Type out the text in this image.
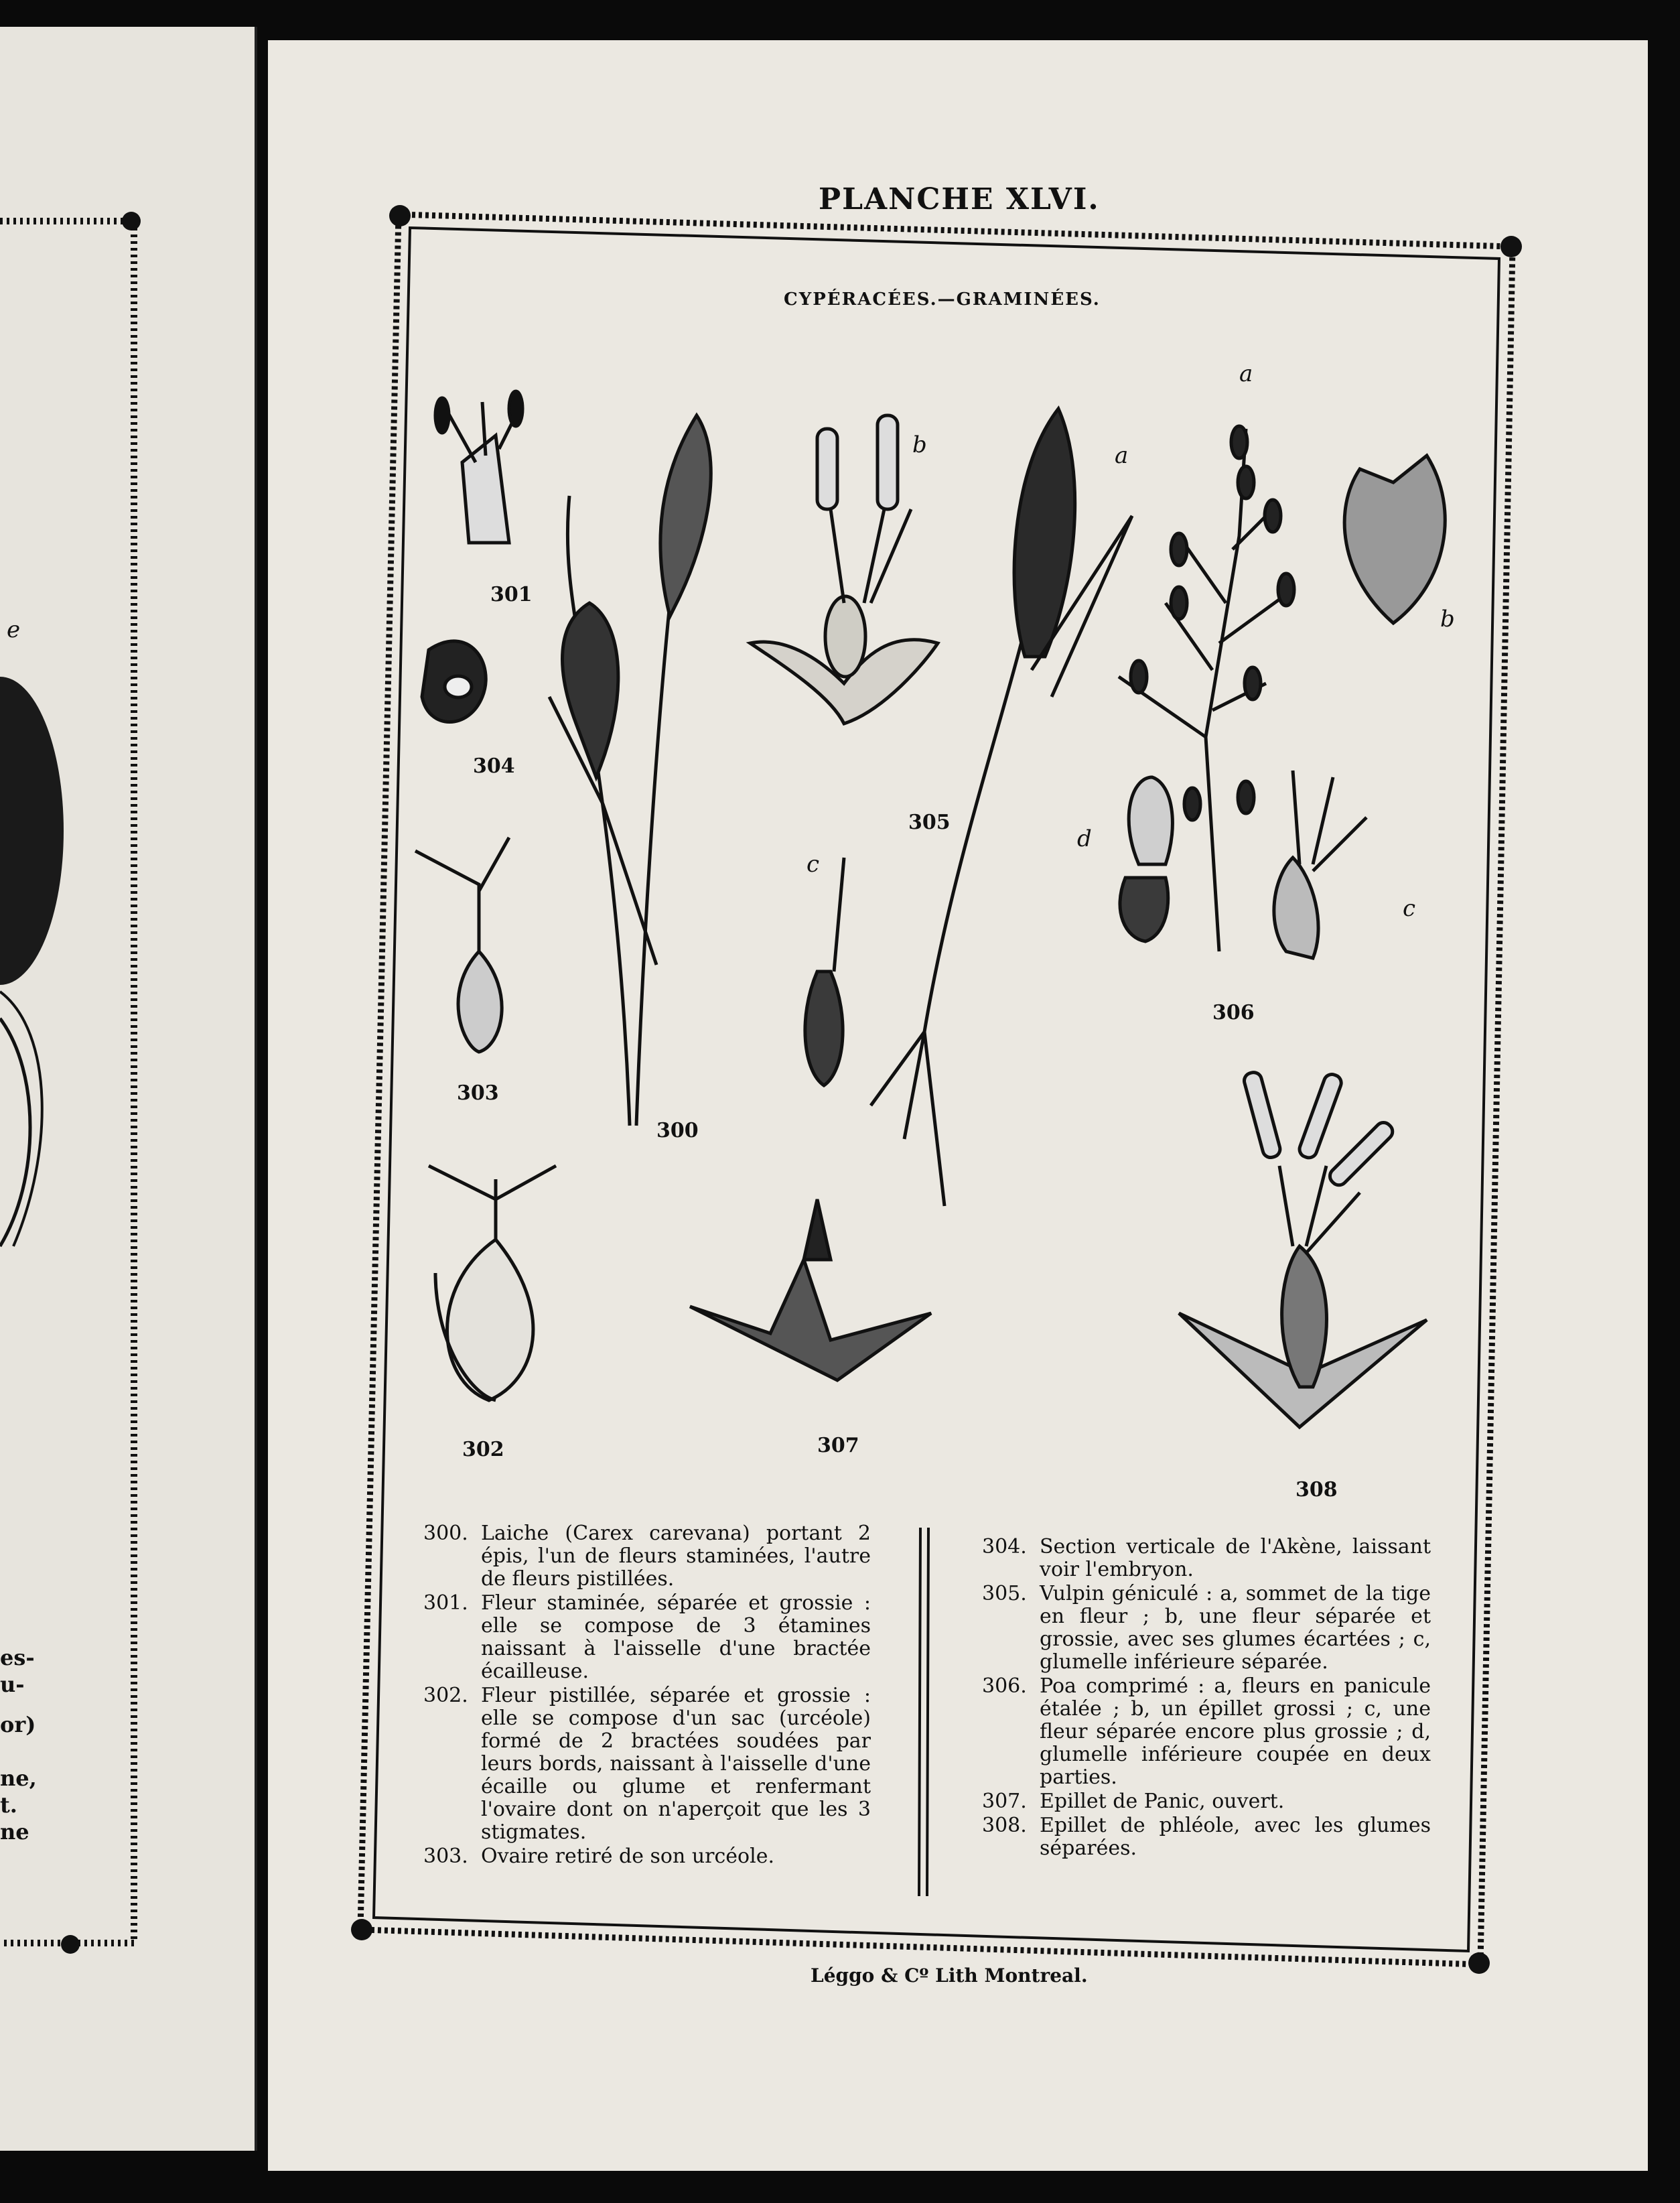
e
es-
u-
or)
ne,
t.
ne
PLANCHE XLVI.
CYPÉRACÉES.—GRAMINÉES.
301
304
303
300
302
305
306
307
308
a
b
c
a
b
c
d
300. Laiche (Carex carevana) portant 2 épis, l'un de fleurs staminées, l'autre de fleurs pistillées.
301. Fleur staminée, séparée et grossie : elle se compose de 3 étamines naissant à l'aisselle d'une bractée écailleuse.
302. Fleur pistillée, séparée et grossie : elle se compose d'un sac (urcéole) formé de 2 bractées soudées par leurs bords, naissant à l'aisselle d'une écaille ou glume et renfermant l'ovaire dont on n'aperçoit que les 3 stigmates.
303. Ovaire retiré de son urcéole.
304. Section verticale de l'Akène, laissant voir l'embryon.
305. Vulpin géniculé : a, sommet de la tige en fleur ; b, une fleur séparée et grossie, avec ses glumes écartées ; c, glumelle inférieure séparée.
306. Poa comprimé : a, fleurs en panicule étalée ; b, un épillet grossi ; c, une fleur séparée encore plus grossie ; d, glumelle inférieure coupée en deux parties.
307. Epillet de Panic, ouvert.
308. Epillet de phléole, avec les glumes séparées.
Léggo & Cº Lith Montreal.
